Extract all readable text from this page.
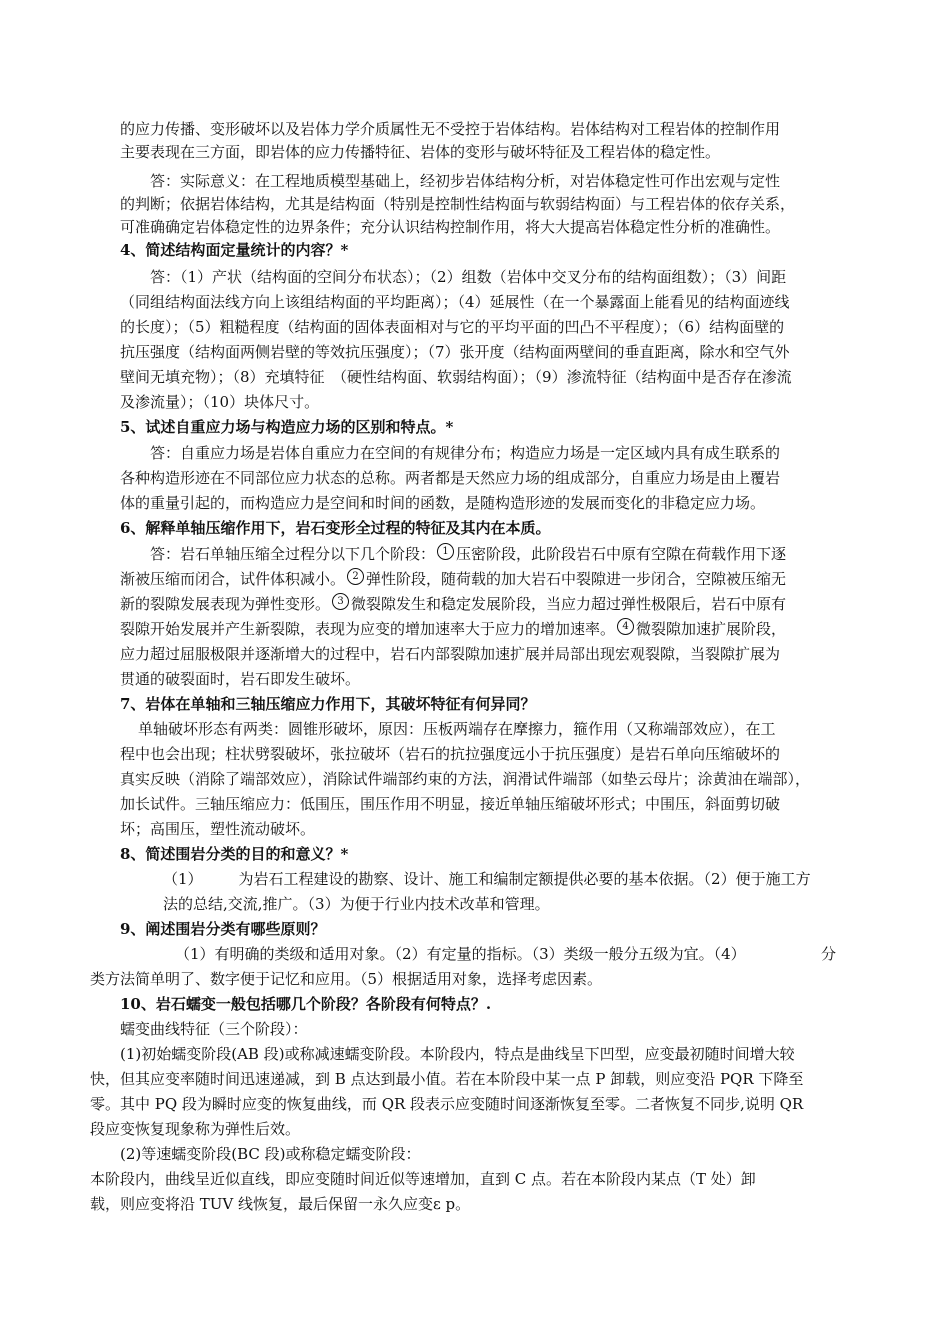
的应力传播、变形破坏以及岩体力学介质属性无不受控于岩体结构。岩体结构对工程岩体的控制作用
主要表现在三方面，即岩体的应力传播特征、岩体的变形与破坏特征及工程岩体的稳定性。
答：实际意义：在工程地质模型基础上，经初步岩体结构分析，对岩体稳定性可作出宏观与定性
的判断；依据岩体结构，尤其是结构面（特别是控制性结构面与软弱结构面）与工程岩体的依存关系，
可准确确定岩体稳定性的边界条件；充分认识结构控制作用，将大大提高岩体稳定性分析的准确性。
4、简述结构面定量统计的内容？*
答：（1）产状（结构面的空间分布状态）；（2）组数（岩体中交叉分布的结构面组数）；（3）间距
（同组结构面法线方向上该组结构面的平均距离）；（4）延展性（在一个暴露面上能看见的结构面迹线
的长度）；（5）粗糙程度（结构面的固体表面相对与它的平均平面的凹凸不平程度）；（6）结构面壁的
抗压强度（结构面两侧岩壁的等效抗压强度）；（7）张开度（结构面两壁间的垂直距离，除水和空气外
壁间无填充物）；（8）充填特征　（硬性结构面、软弱结构面）；（9）渗流特征（结构面中是否存在渗流
及渗流量）；（10）块体尺寸。
5、试述自重应力场与构造应力场的区别和特点。*
答：自重应力场是岩体自重应力在空间的有规律分布；构造应力场是一定区域内具有成生联系的
各种构造形迹在不同部位应力状态的总称。两者都是天然应力场的组成部分，自重应力场是由上覆岩
体的重量引起的，而构造应力是空间和时间的函数，是随构造形迹的发展而变化的非稳定应力场。
6、解释单轴压缩作用下，岩石变形全过程的特征及其内在本质。
答：岩石单轴压缩全过程分以下几个阶段： 1 压密阶段，此阶段岩石中原有空隙在荷载作用下逐
渐被压缩而闭合，试件体积减小。 2 弹性阶段，随荷载的加大岩石中裂隙进一步闭合，空隙被压缩无
新的裂隙发展表现为弹性变形。 3 微裂隙发生和稳定发展阶段，当应力超过弹性极限后，岩石中原有
裂隙开始发展并产生新裂隙，表现为应变的增加速率大于应力的增加速率。 4 微裂隙加速扩展阶段，
应力超过屈服极限并逐渐增大的过程中，岩石内部裂隙加速扩展并局部出现宏观裂隙，当裂隙扩展为
贯通的破裂面时，岩石即发生破坏。
7、岩体在单轴和三轴压缩应力作用下，其破坏特征有何异同？
单轴破坏形态有两类：圆锥形破坏，原因：压板两端存在摩擦力，箍作用（又称端部效应），在工
程中也会出现；柱状劈裂破坏，张拉破坏（岩石的抗拉强度远小于抗压强度）是岩石单向压缩破坏的
真实反映（消除了端部效应），消除试件端部约束的方法，润滑试件端部（如垫云母片；涂黄油在端部），
加长试件。三轴压缩应力：低围压，围压作用不明显，接近单轴压缩破坏形式；中围压，斜面剪切破
坏；高围压，塑性流动破坏。
8、简述围岩分类的目的和意义？*
（1） 为岩石工程建设的勘察、设计、施工和编制定额提供必要的基本依据。（2）便于施工方
法的总结,交流,推广。（3）为便于行业内技术改革和管理。
9、阐述围岩分类有哪些原则？
（1）有明确的类级和适用对象。（2）有定量的指标。（3）类级一般分五级为宜。（4）	分
类方法简单明了、数字便于记忆和应用。（5）根据适用对象，选择考虑因素。
10、岩石蠕变一般包括哪几个阶段？各阶段有何特点？.
蠕变曲线特征（三个阶段）：
(1)初始蠕变阶段(AB 段)或称减速蠕变阶段。本阶段内，特点是曲线呈下凹型，应变最初随时间增大较
快，但其应变率随时间迅速递减，到 B 点达到最小值。若在本阶段中某一点 P 卸载，则应变沿 PQR 下降至
零。其中 PQ 段为瞬时应变的恢复曲线，而 QR 段表示应变随时间逐渐恢复至零。二者恢复不同步,说明 QR
段应变恢复现象称为弹性后效。
(2)等速蠕变阶段(BC 段)或称稳定蠕变阶段：
本阶段内，曲线呈近似直线，即应变随时间近似等速增加，直到 C 点。若在本阶段内某点（T 处）卸
载，则应变将沿 TUV 线恢复，最后保留一永久应变ε p。
